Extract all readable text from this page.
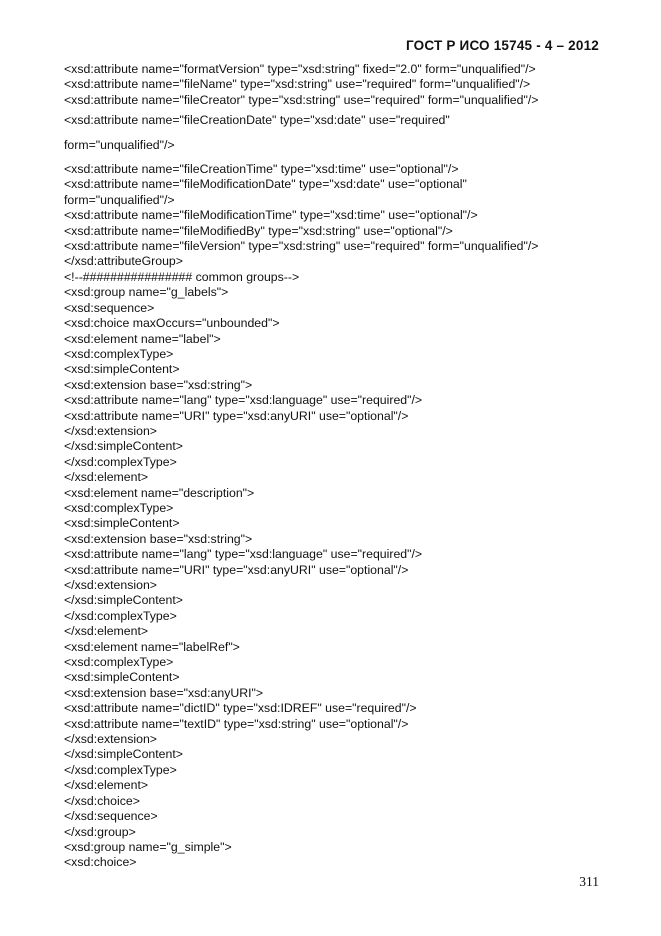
ГОСТ Р ИСО 15745 - 4 – 2012
<xsd:attribute name="formatVersion" type="xsd:string" fixed="2.0" form="unqualified"/>
<xsd:attribute name="fileName" type="xsd:string" use="required" form="unqualified"/>
<xsd:attribute name="fileCreator" type="xsd:string" use="required" form="unqualified"/>
<xsd:attribute name="fileCreationDate" type="xsd:date" use="required"
form="unqualified"/>
<xsd:attribute name="fileCreationTime" type="xsd:time" use="optional"/>
<xsd:attribute name="fileModificationDate" type="xsd:date" use="optional"
form="unqualified"/>
<xsd:attribute name="fileModificationTime" type="xsd:time" use="optional"/>
<xsd:attribute name="fileModifiedBy" type="xsd:string" use="optional"/>
<xsd:attribute name="fileVersion" type="xsd:string" use="required" form="unqualified"/>
</xsd:attributeGroup>
<!--################ common groups-->
<xsd:group name="g_labels">
<xsd:sequence>
<xsd:choice maxOccurs="unbounded">
<xsd:element name="label">
<xsd:complexType>
<xsd:simpleContent>
<xsd:extension base="xsd:string">
<xsd:attribute name="lang" type="xsd:language" use="required"/>
<xsd:attribute name="URI" type="xsd:anyURI" use="optional"/>
</xsd:extension>
</xsd:simpleContent>
</xsd:complexType>
</xsd:element>
<xsd:element name="description">
<xsd:complexType>
<xsd:simpleContent>
<xsd:extension base="xsd:string">
<xsd:attribute name="lang" type="xsd:language" use="required"/>
<xsd:attribute name="URI" type="xsd:anyURI" use="optional"/>
</xsd:extension>
</xsd:simpleContent>
</xsd:complexType>
</xsd:element>
<xsd:element name="labelRef">
<xsd:complexType>
<xsd:simpleContent>
<xsd:extension base="xsd:anyURI">
<xsd:attribute name="dictID" type="xsd:IDREF" use="required"/>
<xsd:attribute name="textID" type="xsd:string" use="optional"/>
</xsd:extension>
</xsd:simpleContent>
</xsd:complexType>
</xsd:element>
</xsd:choice>
</xsd:sequence>
</xsd:group>
<xsd:group name="g_simple">
<xsd:choice>
311
